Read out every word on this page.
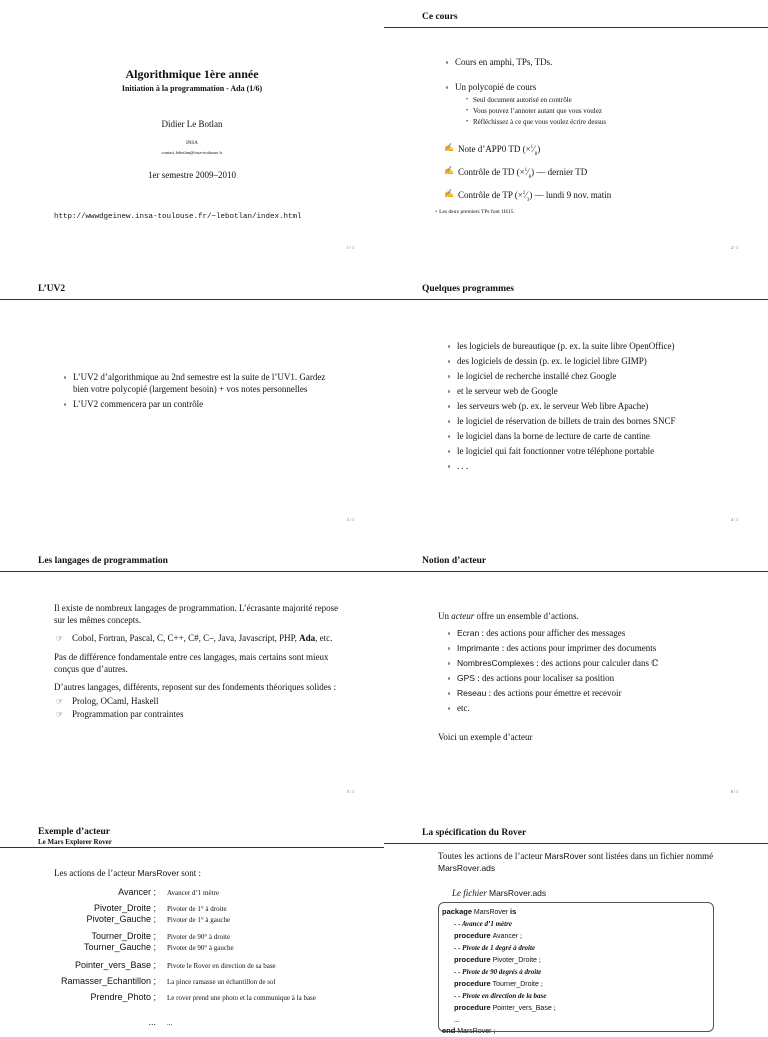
Algorithmique 1ère année
Initiation à la programmation - Ada (1/6)
Didier Le Botlan
INSA
contact.lebotlan@insa-toulouse.fr
1er semestre 2009–2010
http://wwwdgeinew.insa-toulouse.fr/~lebotlan/index.html
1 / 1
Ce cours
∘ Cours en amphi, TPs, TDs.
∘ Un polycopié de cours
• Seul document autorisé en contrôle
• Vous pouvez l’annoter autant que vous voulez
• Réfléchissez à ce que vous voulez écrire dessus
✍ Note d’APP0 TD $(\times^1⁄_8)$
✍ Contrôle de TD $(\times^1⁄_8)$ — dernier TD
✍ Contrôle de TP $(\times^2⁄_3)$ — lundi 9 nov. matin
∘ Les deux premiers TPs font 1H15.
2 / 1
L’UV2
∘ L’UV2 d’algorithmique au 2nd semestre est la suite de l’UV1. Gardez bien votre polycopié (largement besoin) + vos notes personnelles
∘ L’UV2 commencera par un contrôle
3 / 1
Quelques programmes
∘ les logiciels de bureautique (p. ex. la suite libre OpenOffice)
∘ des logiciels de dessin (p. ex. le logiciel libre GIMP)
∘ le logiciel de recherche installé chez Google
∘ et le serveur web de Google
∘ les serveurs web (p. ex. le serveur Web libre Apache)
∘ le logiciel de réservation de billets de train des bornes SNCF
∘ le logiciel dans la borne de lecture de carte de cantine
∘ le logiciel qui fait fonctionner votre téléphone portable
∘ . . .
4 / 1
Les langages de programmation

Il existe de nombreux langages de programmation. L’écrasante majorité repose sur les mêmes concepts.

☞ Cobol, Fortran, Pascal, C, C++, C#, C–, Java, Javascript, PHP, Ada, etc.

Pas de différence fondamentale entre ces langages, mais certains sont mieux conçus que d’autres.

D’autres langages, différents, reposent sur des fondements théoriques solides :

☞ Prolog, OCaml, Haskell
☞ Programmation par contraintes
5 / 1
Notion d’acteur
Un acteur offre un ensemble d’actions.
∘ Ecran : des actions pour afficher des messages
∘ Imprimante : des actions pour imprimer des documents
∘ NombresComplexes : des actions pour calculer dans ℂ
∘ GPS : des actions pour localiser sa position
∘ Reseau : des actions pour émettre et recevoir
∘ etc.
Voici un exemple d’acteur
6 / 1
Exemple d’acteur
Le Mars Explorer Rover
Les actions de l’acteur MarsRover sont :
Avancer ; Avancer d’1 mètre
Pivoter_Droite ; Pivoter de 1° à droite
Pivoter_Gauche ; Pivoter de 1° à gauche
Tourner_Droite ; Pivoter de 90° à droite
Tourner_Gauche ; Pivoter de 90° à gauche
Pointer_vers_Base ; Pivote le Rover en direction de sa base
Ramasser_Echantillon ; La pince ramasse un échantillon de sol
Prendre_Photo ; Le rover prend une photo et la communique à la base
... ...
La spécification du Rover
Toutes les actions de l’acteur MarsRover sont listées dans un fichier nommé MarsRover.ads
Le fichier MarsRover.ads
package MarsRover is
- - Avance d’1 mètre
procedure Avancer ;
- - Pivote de 1 degré à droite
procedure Pivoter_Droite ;
- - Pivote de 90 degrés à droite
procedure Tourner_Droite ;
- - Pivote en direction de la base
procedure Pointer_vers_Base ;
...
end MarsRover ;
